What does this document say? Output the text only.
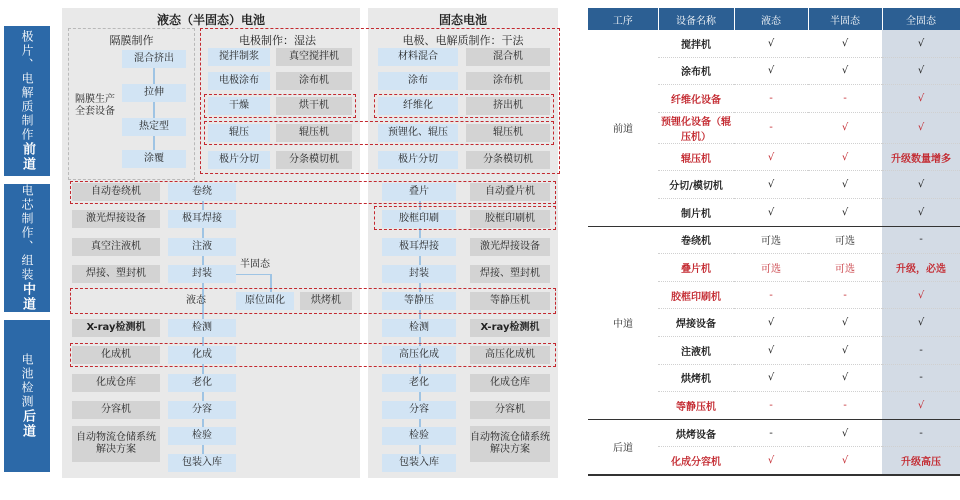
极片、电解质制作
前道
电芯制作、组装
中道
电池检测
后道
液态（半固态）电池	固态电池
隔膜制作
隔膜生产全套设备
混合挤出
拉伸
热定型
涂覆
电极制作：湿法
搅拌制浆	真空搅拌机
电极涂布	涂布机
干燥	烘干机
辊压	辊压机
极片分切	分条模切机
电极、电解质制作：干法
材料混合	混合机
涂布	涂布机
纤维化	挤出机
预锂化、辊压	辊压机
极片分切	分条模切机
自动卷绕机	卷绕
激光焊接设备	极耳焊接
真空注液机	注液
焊接、塑封机	封装
半固态
液态	原位固化	烘烤机
叠片	自动叠片机
胶框印刷	胶框印刷机
极耳焊接	激光焊接设备
封装	焊接、塑封机
等静压	等静压机
X-ray检测机	检测
化成机	化成
化成仓库	老化
分容机	分容
自动物流仓储系统解决方案
检验
包装入库
检测	X-ray检测机
高压化成	高压化成机
老化	化成仓库
分容	分容机
检验	自动物流仓储系统解决方案
包装入库
工序	设备名称	液态	半固态	全固态
前道	搅拌机	√	√	√
	涂布机	√	√	√
	纤维化设备	-	-	√
	预锂化设备（辊压机）	-	√	√
	辊压机	√	√	升级数量增多
	分切/模切机	√	√	√
	制片机	√	√	√
中道	卷绕机	可选	可选	-
	叠片机	可选	可选	升级，必选
	胶框印刷机	-	-	√
	焊接设备	√	√	√
	注液机	√	√	-
	烘烤机	√	√	-
	等静压机	-	-	√
后道	烘烤设备	-	√	-
	化成分容机	√	√	升级高压
